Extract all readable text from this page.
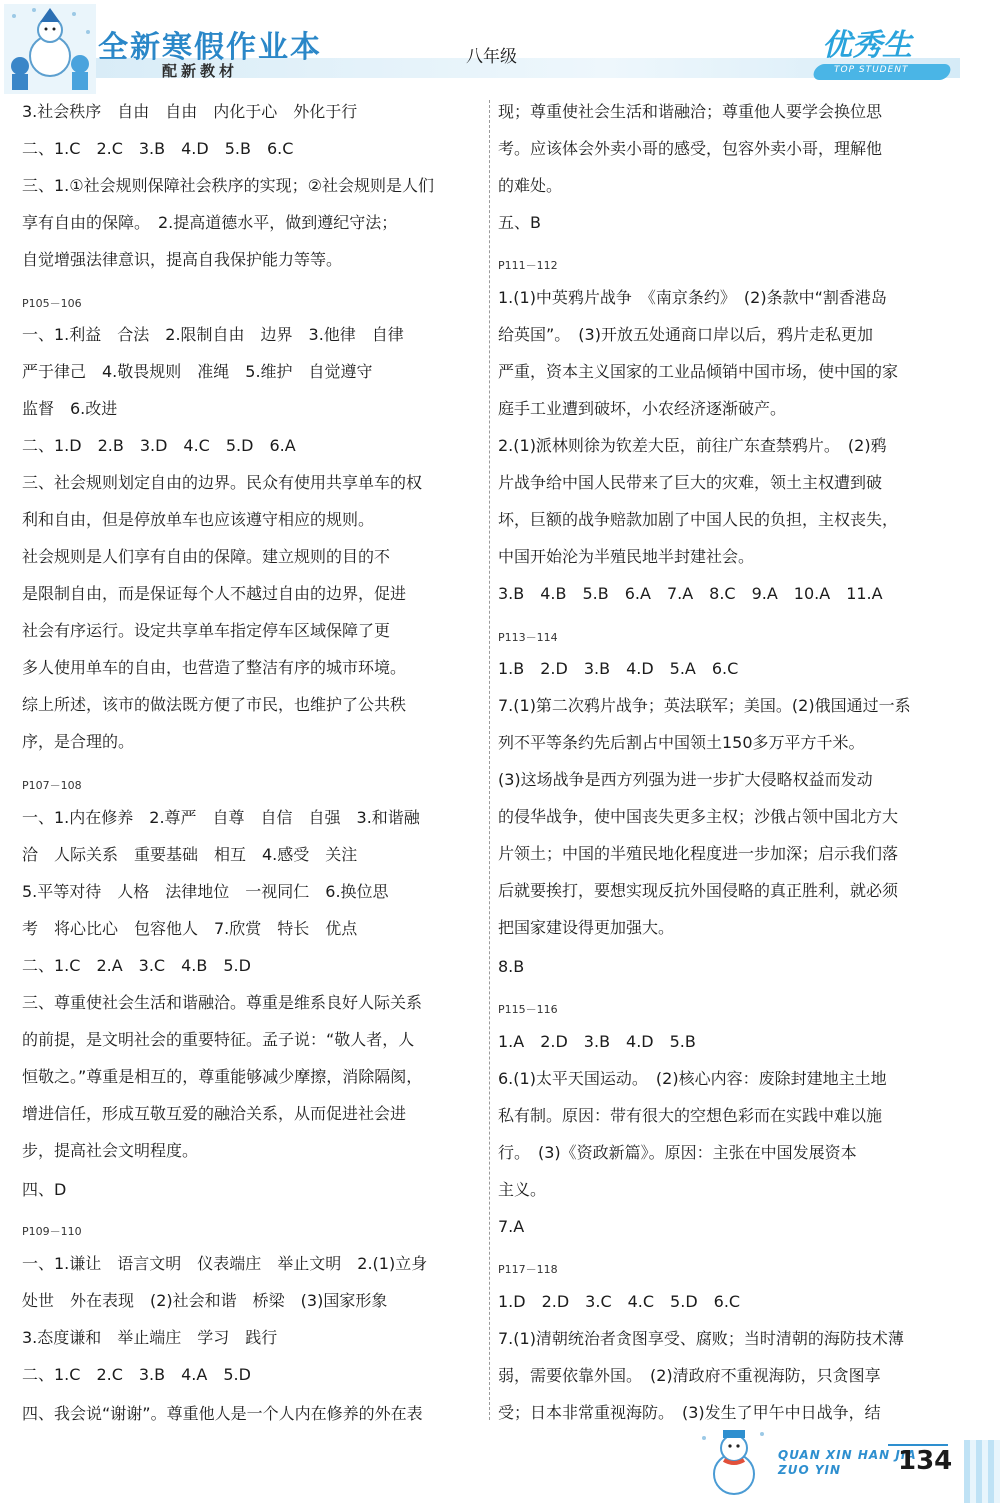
全新寒假作业本
配新教材
八年级	优秀生
TOP STUDENT
3.社会秩序　自由　自由　内化于心　外化于行
二、1.C　2.C　3.B　4.D　5.B　6.C
三、1.①社会规则保障社会秩序的实现；②社会规则是人们
享有自由的保障。　2.提高道德水平，做到遵纪守法；
自觉增强法律意识，提高自我保护能力等等。
P105－106
一、1.利益　合法　2.限制自由　边界　3.他律　自律
严于律己　4.敬畏规则　准绳　5.维护　自觉遵守
监督　6.改进
二、1.D　2.B　3.D　4.C　5.D　6.A
三、社会规则划定自由的边界。民众有使用共享单车的权
利和自由，但是停放单车也应该遵守相应的规则。
社会规则是人们享有自由的保障。建立规则的目的不
是限制自由，而是保证每个人不越过自由的边界，促进
社会有序运行。设定共享单车指定停车区域保障了更
多人使用单车的自由，也营造了整洁有序的城市环境。
综上所述，该市的做法既方便了市民，也维护了公共秩
序，是合理的。
P107－108
一、1.内在修养　2.尊严　自尊　自信　自强　3.和谐融
洽　人际关系　重要基础　相互　4.感受　关注
5.平等对待　人格　法律地位　一视同仁　6.换位思
考　将心比心　包容他人　7.欣赏　特长　优点
二、1.C　2.A　3.C　4.B　5.D
三、尊重使社会生活和谐融洽。尊重是维系良好人际关系
的前提，是文明社会的重要特征。孟子说：“敬人者，人
恒敬之。”尊重是相互的，尊重能够减少摩擦，消除隔阂，
增进信任，形成互敬互爱的融洽关系，从而促进社会进
步，提高社会文明程度。
四、D
P109－110
一、1.谦让　语言文明　仪表端庄　举止文明　2.(1)立身
处世　外在表现　(2)社会和谐　桥梁　(3)国家形象
3.态度谦和　举止端庄　学习　践行
二、1.C　2.C　3.B　4.A　5.D
四、我会说“谢谢”。尊重他人是一个人内在修养的外在表
现；尊重使社会生活和谐融洽；尊重他人要学会换位思
考。应该体会外卖小哥的感受，包容外卖小哥，理解他
的难处。
五、B
P111－112
1.(1)中英鸦片战争　《南京条约》　(2)条款中“割香港岛
给英国”。　(3)开放五处通商口岸以后，鸦片走私更加
严重，资本主义国家的工业品倾销中国市场，使中国的家
庭手工业遭到破坏，小农经济逐渐破产。
2.(1)派林则徐为钦差大臣，前往广东查禁鸦片。　(2)鸦
片战争给中国人民带来了巨大的灾难，领土主权遭到破
坏，巨额的战争赔款加剧了中国人民的负担，主权丧失，
中国开始沦为半殖民地半封建社会。
3.B　4.B　5.B　6.A　7.A　8.C　9.A　10.A　11.A
P113－114
1.B　2.D　3.B　4.D　5.A　6.C
7.(1)第二次鸦片战争；英法联军；美国。(2)俄国通过一系
列不平等条约先后割占中国领土150多万平方千米。
(3)这场战争是西方列强为进一步扩大侵略权益而发动
的侵华战争，使中国丧失更多主权；沙俄占领中国北方大
片领土；中国的半殖民地化程度进一步加深；启示我们落
后就要挨打，要想实现反抗外国侵略的真正胜利，就必须
把国家建设得更加强大。
8.B
P115－116
1.A　2.D　3.B　4.D　5.B
6.(1)太平天国运动。　(2)核心内容：废除封建地主土地
私有制。原因：带有很大的空想色彩而在实践中难以施
行。　(3)《资政新篇》。原因：主张在中国发展资本
主义。
7.A
P117－118
1.D　2.D　3.C　4.C　5.D　6.C
7.(1)清朝统治者贪图享受、腐败；当时清朝的海防技术薄
弱，需要依靠外国。　(2)清政府不重视海防，只贪图享
受；日本非常重视海防。　(3)发生了甲午中日战争，结
QUAN XIN HAN JIA
ZUO YIN	134
